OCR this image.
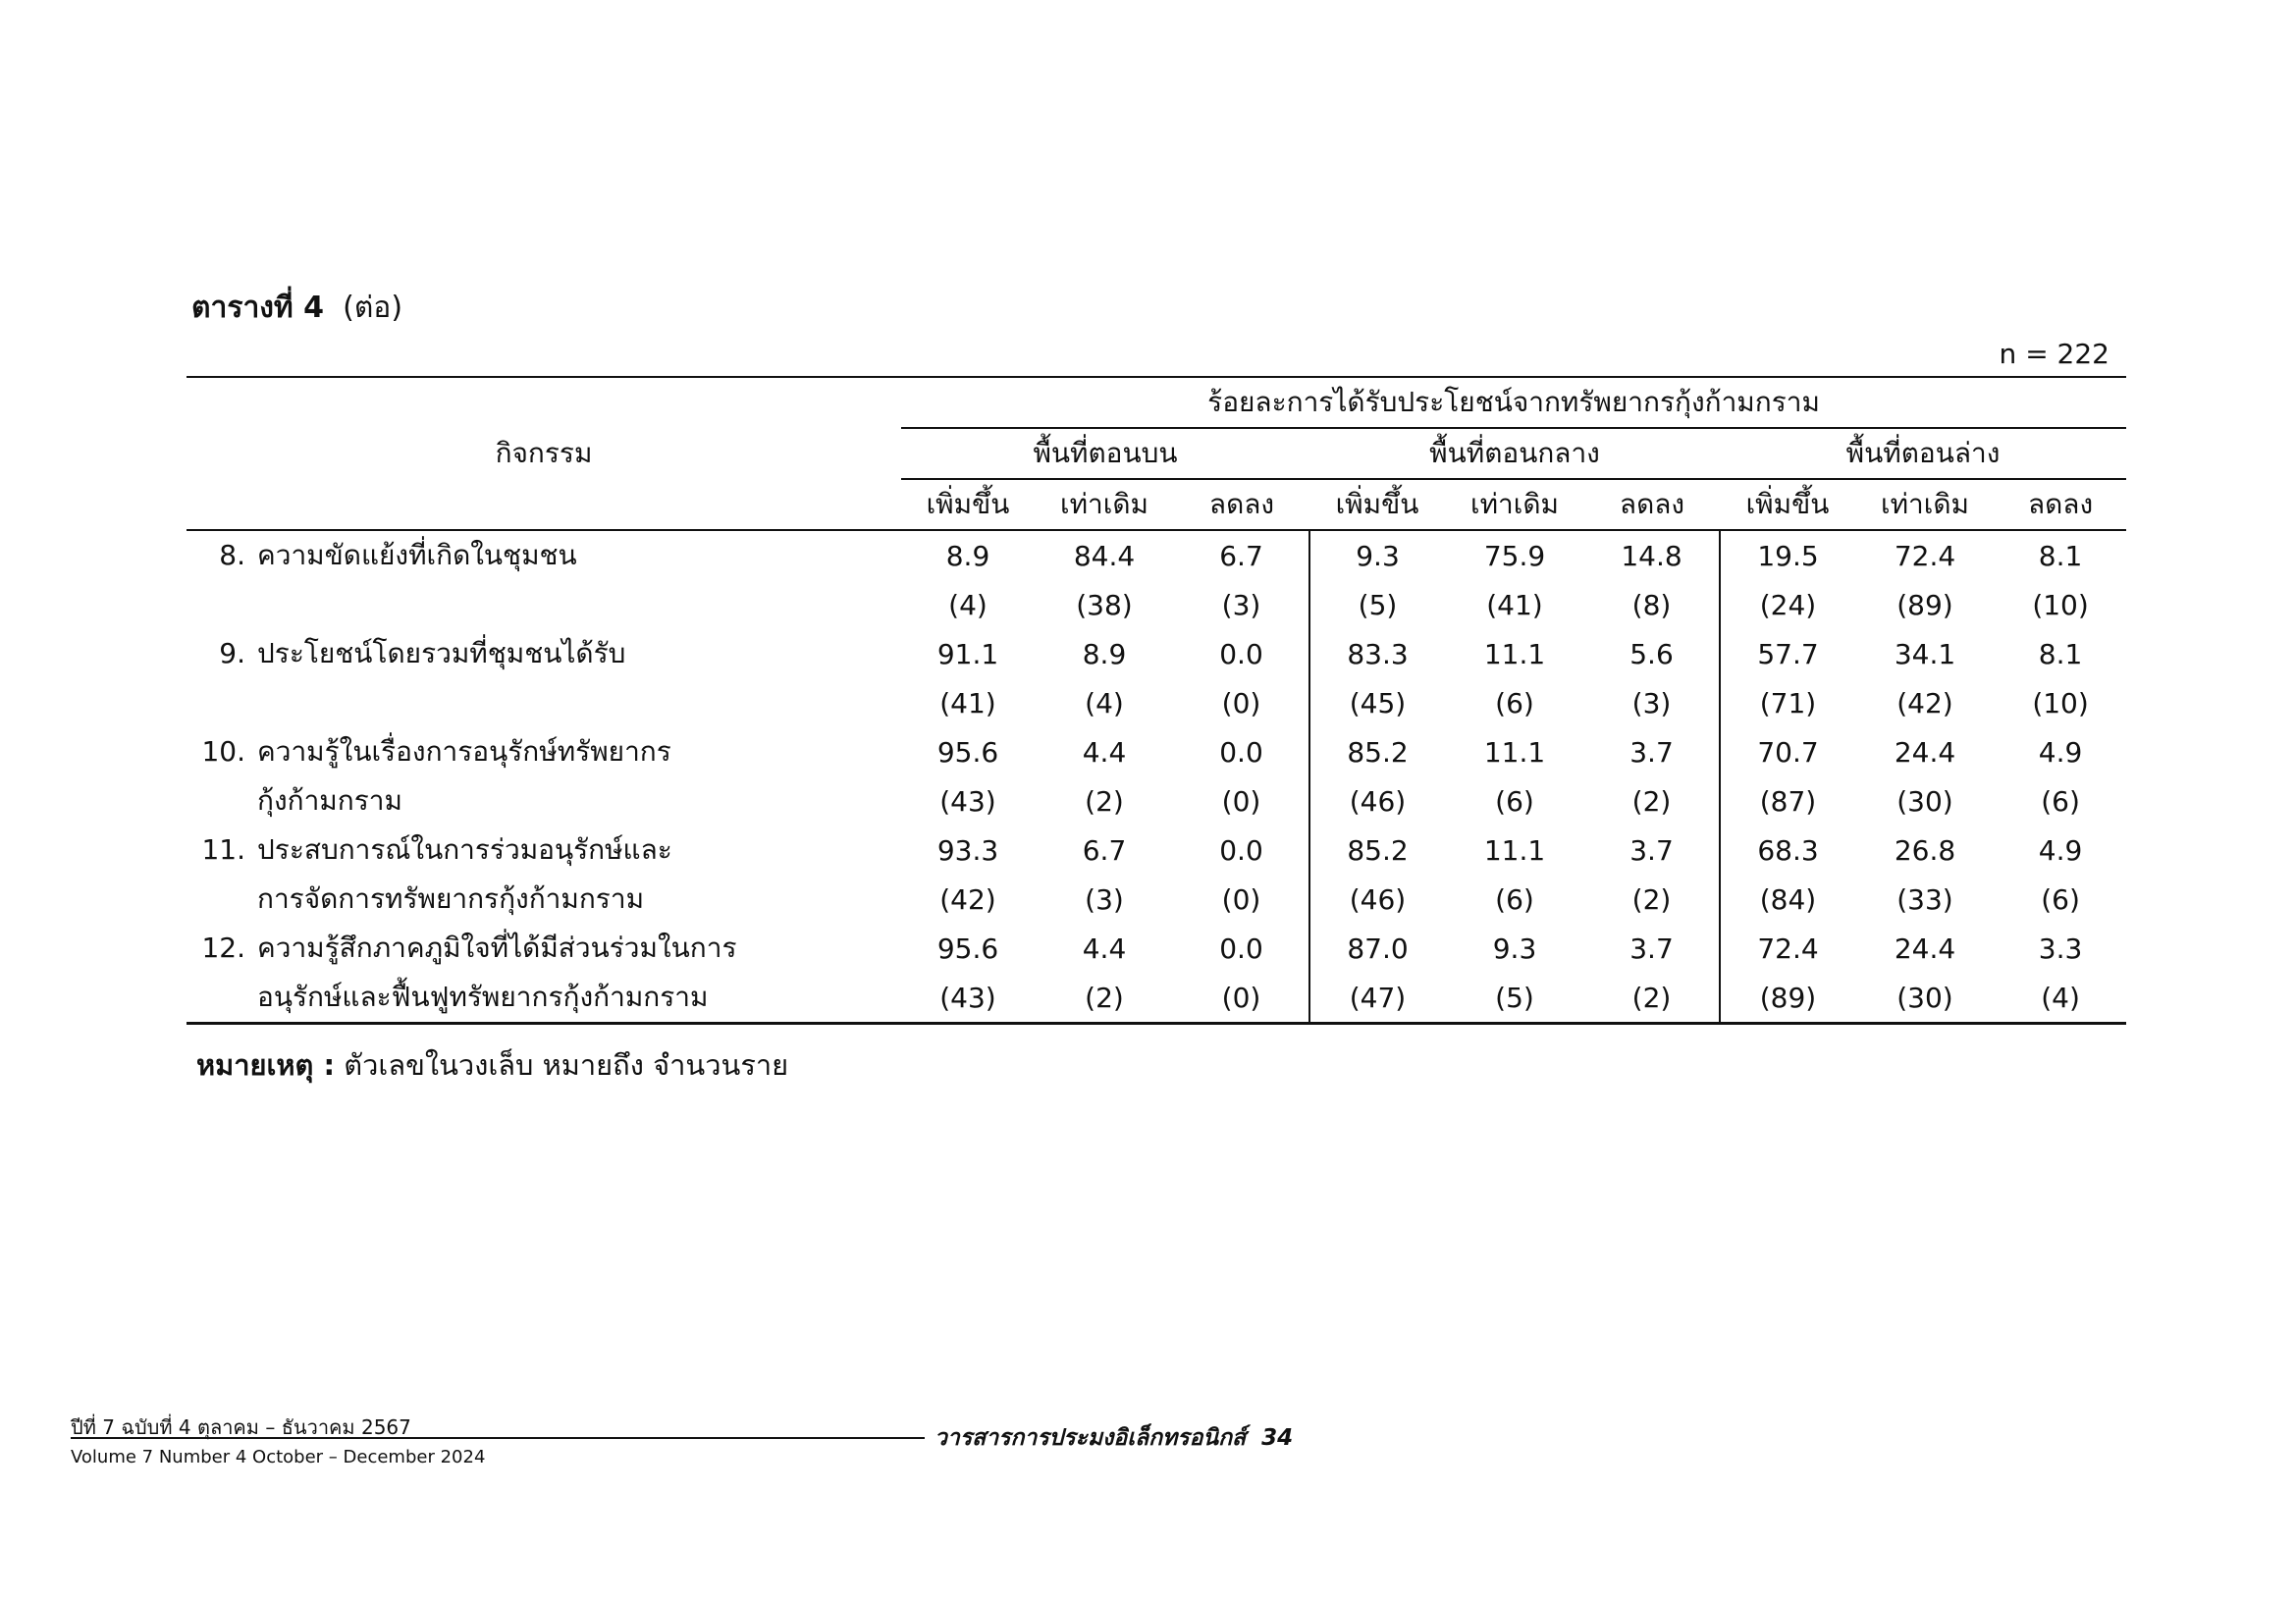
ตารางที่ 4 (ต่อ)
n = 222
กิจกรรม	ร้อยละการได้รับประโยชน์จากทรัพยากรกุ้งก้ามกราม								
	พื้นที่ตอนบน			พื้นที่ตอนกลาง			พื้นที่ตอนล่าง		
	เพิ่มขึ้น	เท่าเดิม	ลดลง	เพิ่มขึ้น	เท่าเดิม	ลดลง	เพิ่มขึ้น	เท่าเดิม	ลดลง
8. ความขัดแย้งที่เกิดในชุมชน	8.9	84.4	6.7	9.3	75.9	14.8	19.5	72.4	8.1
	(4)	(38)	(3)	(5)	(41)	(8)	(24)	(89)	(10)
9. ประโยชน์โดยรวมที่ชุมชนได้รับ	91.1	8.9	0.0	83.3	11.1	5.6	57.7	34.1	8.1
	(41)	(4)	(0)	(45)	(6)	(3)	(71)	(42)	(10)
10. ความรู้ในเรื่องการอนุรักษ์ทรัพยากร	95.6	4.4	0.0	85.2	11.1	3.7	70.7	24.4	4.9
กุ้งก้ามกราม	(43)	(2)	(0)	(46)	(6)	(2)	(87)	(30)	(6)
11. ประสบการณ์ในการร่วมอนุรักษ์และ	93.3	6.7	0.0	85.2	11.1	3.7	68.3	26.8	4.9
การจัดการทรัพยากรกุ้งก้ามกราม	(42)	(3)	(0)	(46)	(6)	(2)	(84)	(33)	(6)
12. ความรู้สึกภาคภูมิใจที่ได้มีส่วนร่วมในการ	95.6	4.4	0.0	87.0	9.3	3.7	72.4	24.4	3.3
อนุรักษ์และฟื้นฟูทรัพยากรกุ้งก้ามกราม	(43)	(2)	(0)	(47)	(5)	(2)	(89)	(30)	(4)
หมายเหตุ : ตัวเลขในวงเล็บ หมายถึง จำนวนราย
ปีที่ 7 ฉบับที่ 4 ตุลาคม – ธันวาคม 2567
Volume 7 Number 4 October – December 2024
วารสารการประมงอิเล็กทรอนิกส์ 34
